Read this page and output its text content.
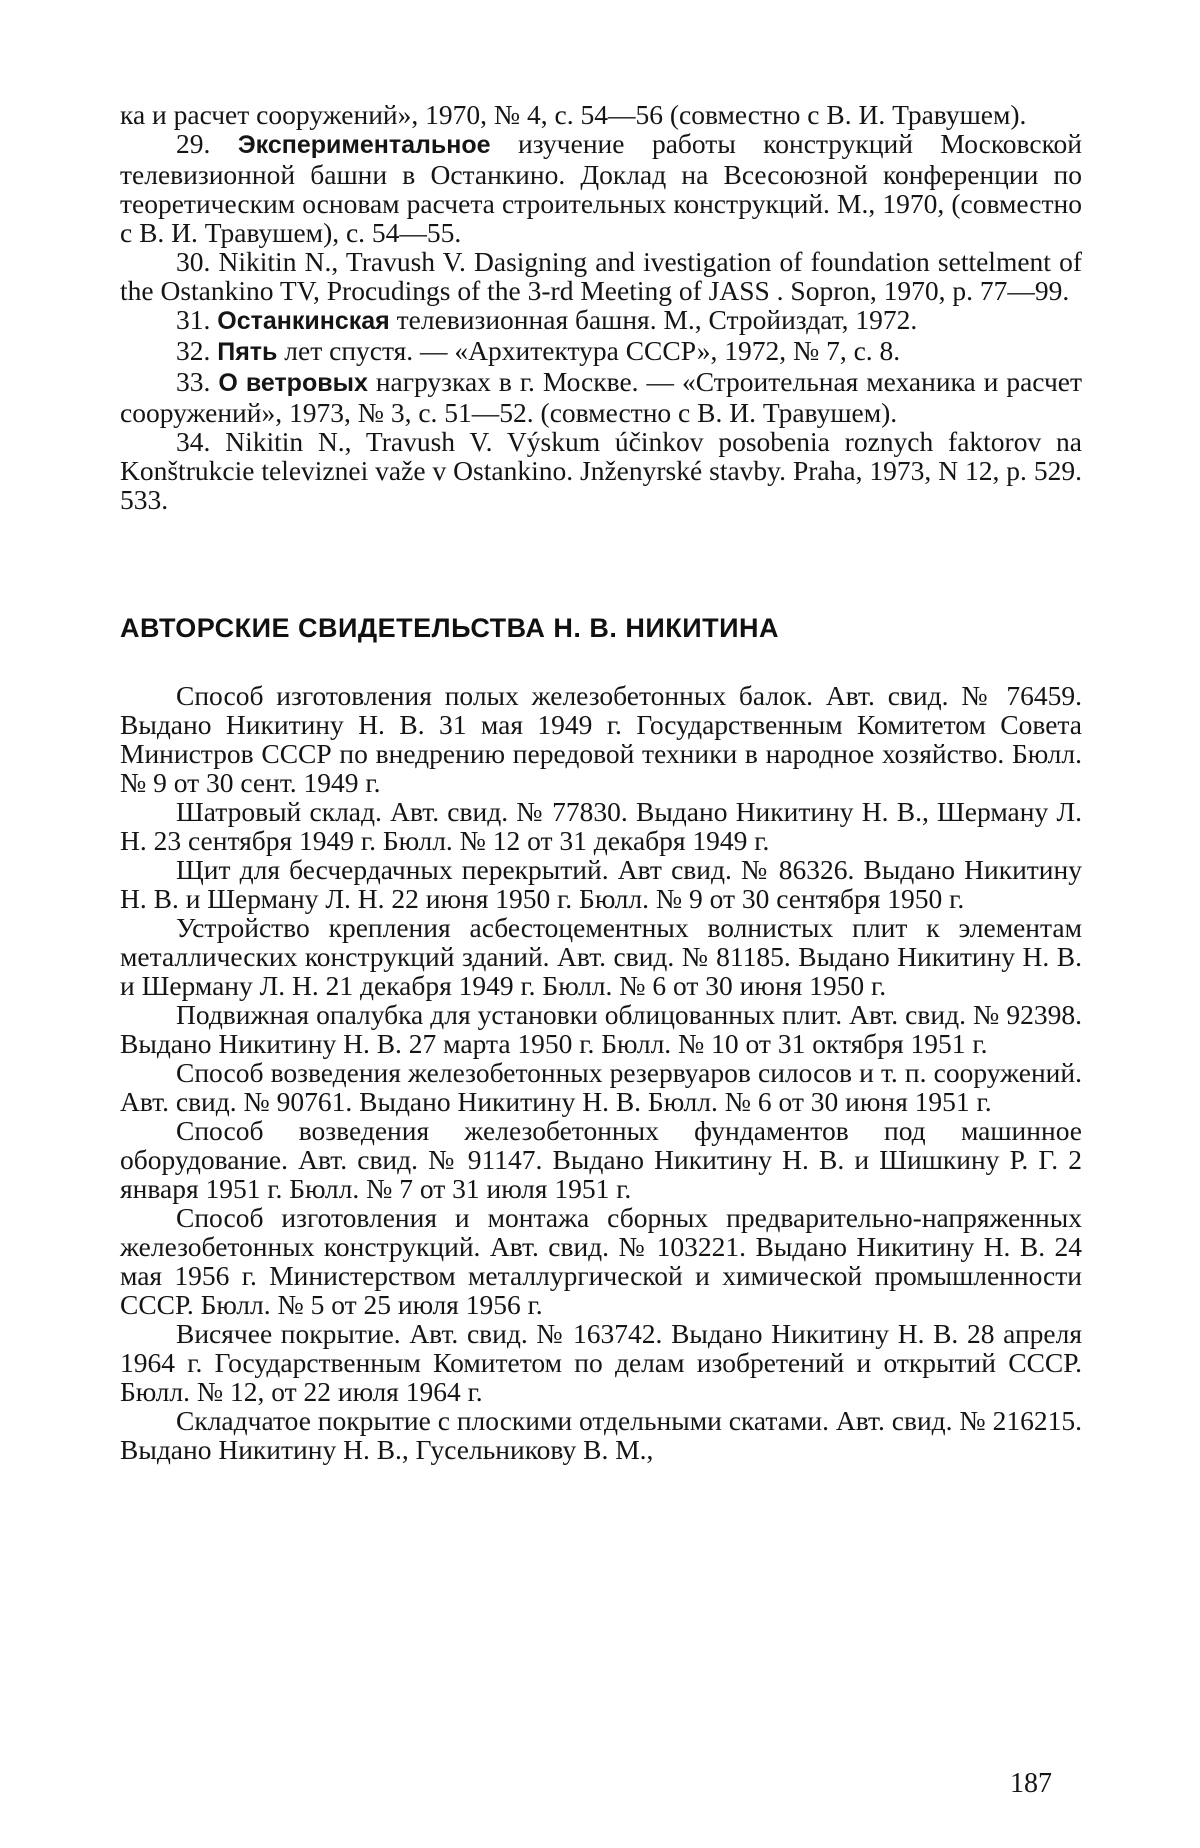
ка и расчет сооружений», 1970, № 4, с. 54—56 (совместно с В. И. Травушем).

29. Экспериментальное изучение работы конструкций Московской телевизионной башни в Останкино. Доклад на Всесоюзной конференции по теоретическим основам расчета строительных конструкций. М., 1970, (совместно с В. И. Травушем), с. 54—55.

30. Nikitin N., Travush V. Dasigning and ivestigation of foundation settelment of the Ostankino TV, Procudings of the 3-rd Meeting of JASS . Sopron, 1970, p. 77—99.

31. Останкинская телевизионная башня. М., Стройиздат, 1972.

32. Пять лет спустя. — «Архитектура СССР», 1972, № 7, с. 8.

33. О ветровых нагрузках в г. Москве. — «Строительная механика и расчет сооружений», 1973, № 3, с. 51—52. (совместно с В. И. Травушем).

34. Nikitin N., Travush V. Výskum účinkov posobenia roznych faktorov na Konštrukcie televiznei važe v Ostankino. Jnženyrské stavby. Praha, 1973, N 12, p. 529. 533.

АВТОРСКИЕ СВИДЕТЕЛЬСТВА Н. В. НИКИТИНА

Способ изготовления полых железобетонных балок. Авт. свид. № 76459. Выдано Никитину Н. В. 31 мая 1949 г. Государственным Комитетом Совета Министров СССР по внедрению передовой техники в народное хозяйство. Бюлл. № 9 от 30 сент. 1949 г.

Шатровый склад. Авт. свид. № 77830. Выдано Никитину Н. В., Шерману Л. Н. 23 сентября 1949 г. Бюлл. № 12 от 31 декабря 1949 г.

Щит для бесчердачных перекрытий. Авт свид. № 86326. Выдано Никитину Н. В. и Шерману Л. Н. 22 июня 1950 г. Бюлл. № 9 от 30 сентября 1950 г.

Устройство крепления асбестоцементных волнистых плит к элементам металлических конструкций зданий. Авт. свид. № 81185. Выдано Никитину Н. В. и Шерману Л. Н. 21 декабря 1949 г. Бюлл. № 6 от 30 июня 1950 г.

Подвижная опалубка для установки облицованных плит. Авт. свид. № 92398. Выдано Никитину Н. В. 27 марта 1950 г. Бюлл. № 10 от 31 октября 1951 г.

Способ возведения железобетонных резервуаров силосов и т. п. сооружений. Авт. свид. № 90761. Выдано Никитину Н. В. Бюлл. № 6 от 30 июня 1951 г.

Способ возведения железобетонных фундаментов под машинное оборудование. Авт. свид. № 91147. Выдано Никитину Н. В. и Шишкину Р. Г. 2 января 1951 г. Бюлл. № 7 от 31 июля 1951 г.

Способ изготовления и монтажа сборных предварительно-напряженных железобетонных конструкций. Авт. свид. № 103221. Выдано Никитину Н. В. 24 мая 1956 г. Министерством металлургической и химической промышленности СССР. Бюлл. № 5 от 25 июля 1956 г.

Висячее покрытие. Авт. свид. № 163742. Выдано Никитину Н. В. 28 апреля 1964 г. Государственным Комитетом по делам изобретений и открытий СССР. Бюлл. № 12, от 22 июля 1964 г.

Складчатое покрытие с плоскими отдельными скатами. Авт. свид. № 216215. Выдано Никитину Н. В., Гусельникову В. М.,

187
